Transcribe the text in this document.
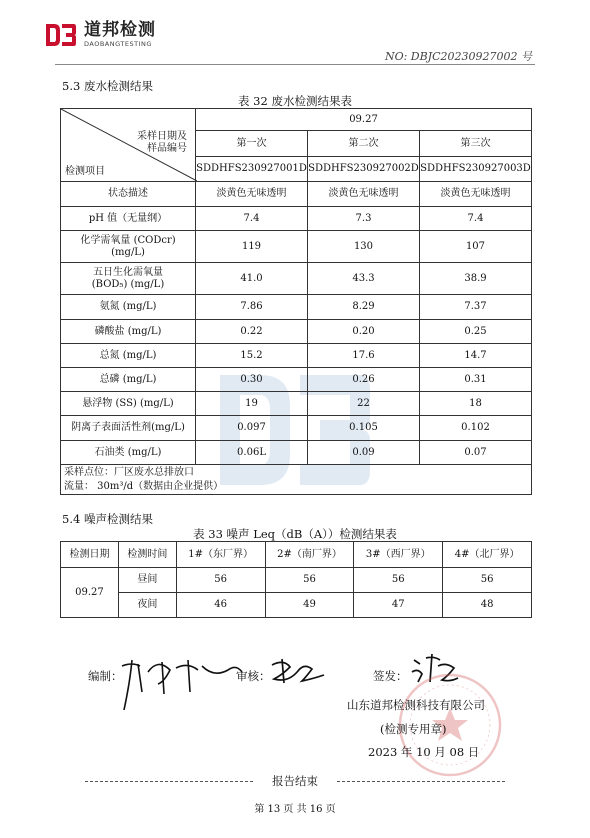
道邦检测
DAOBANGTESTING
NO: DBJC20230927002 号
5.3 废水检测结果
表 32 废水检测结果表
采样日期及
样品编号
检测项目	09.27		
	第一次	第二次	第三次
	SDDHFS230927001D	SDDHFS230927002D	SDDHFS230927003D
状态描述	淡黄色无味透明	淡黄色无味透明	淡黄色无味透明
pH 值（无量纲）	7.4	7.3	7.4
化学需氧量 (CODcr) (mg/L)	119	130	107
五日生化需氧量 (BOD₅) (mg/L)	41.0	43.3	38.9
氨氮 (mg/L)	7.86	8.29	7.37
磷酸盐 (mg/L)	0.22	0.20	0.25
总氮 (mg/L)	15.2	17.6	14.7
总磷 (mg/L)	0.30	0.26	0.31
悬浮物 (SS) (mg/L)	19	22	18
阴离子表面活性剂(mg/L)	0.097	0.105	0.102
石油类 (mg/L)	0.06L	0.09	0.07

采样点位：厂区废水总排放口
流量： 30m³/d（数据由企业提供）			
5.4 噪声检测结果
表 33 噪声 Leq（dB（A））检测结果表
检测日期	检测时间	1#（东厂界）	2#（南厂界）	3#（西厂界）	4#（北厂界）
09.27	昼间	56	56	56	56
	夜间	46	49	47	48
编制：	审核：	签发：
山东道邦检测科技有限公司
(检测专用章)
2023 年 10 月 08 日
报告结束
第 13 页 共 16 页
